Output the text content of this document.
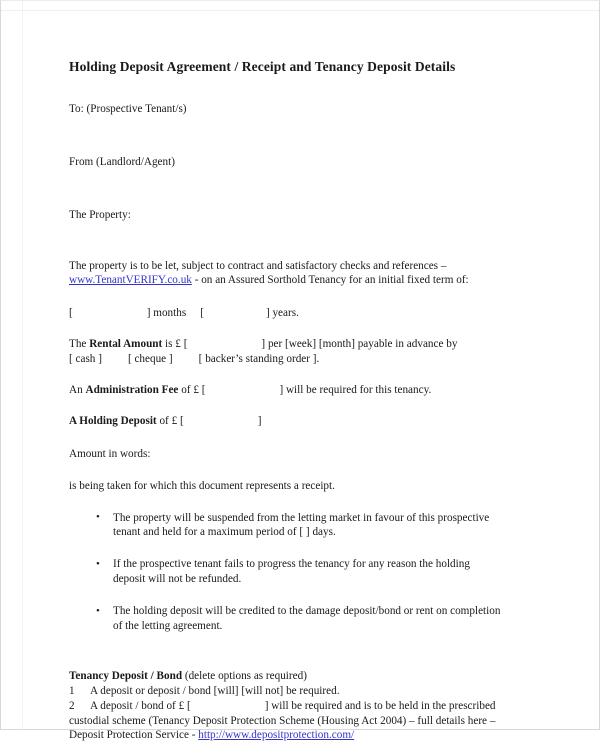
Holding Deposit Agreement / Receipt and Tenancy Deposit Details

To: (Prospective Tenant/s)

From (Landlord/Agent)

The Property:

The property is to be let, subject to contract and satisfactory checks and references – www.TenantVERIFY.co.uk - on an Assured Sorthold Tenancy for an initial fixed term of:

[	] months [	] years.

The Rental Amount is £ [	] per [week] [month] payable in advance by
[ cash ] [ cheque ] [ backer’s standing order ].

An Administration Fee of £ [	] will be required for this tenancy.

A Holding Deposit of £ [	]

Amount in words:

is being taken for which this document represents a receipt.

• The property will be suspended from the letting market in favour of this prospective tenant and held for a maximum period of [ ] days.
• If the prospective tenant fails to progress the tenancy for any reason the holding deposit will not be refunded.
• The holding deposit will be credited to the damage deposit/bond or rent on completion of the letting agreement.

Tenancy Deposit / Bond (delete options as required)

1 A deposit or deposit / bond [will] [will not] be required.

2 A deposit / bond of £ [	] will be required and is to be held in the prescribed custodial scheme (Tenancy Deposit Protection Scheme (Housing Act 2004) – full details here – Deposit Protection Service - http://www.depositprotection.com/
